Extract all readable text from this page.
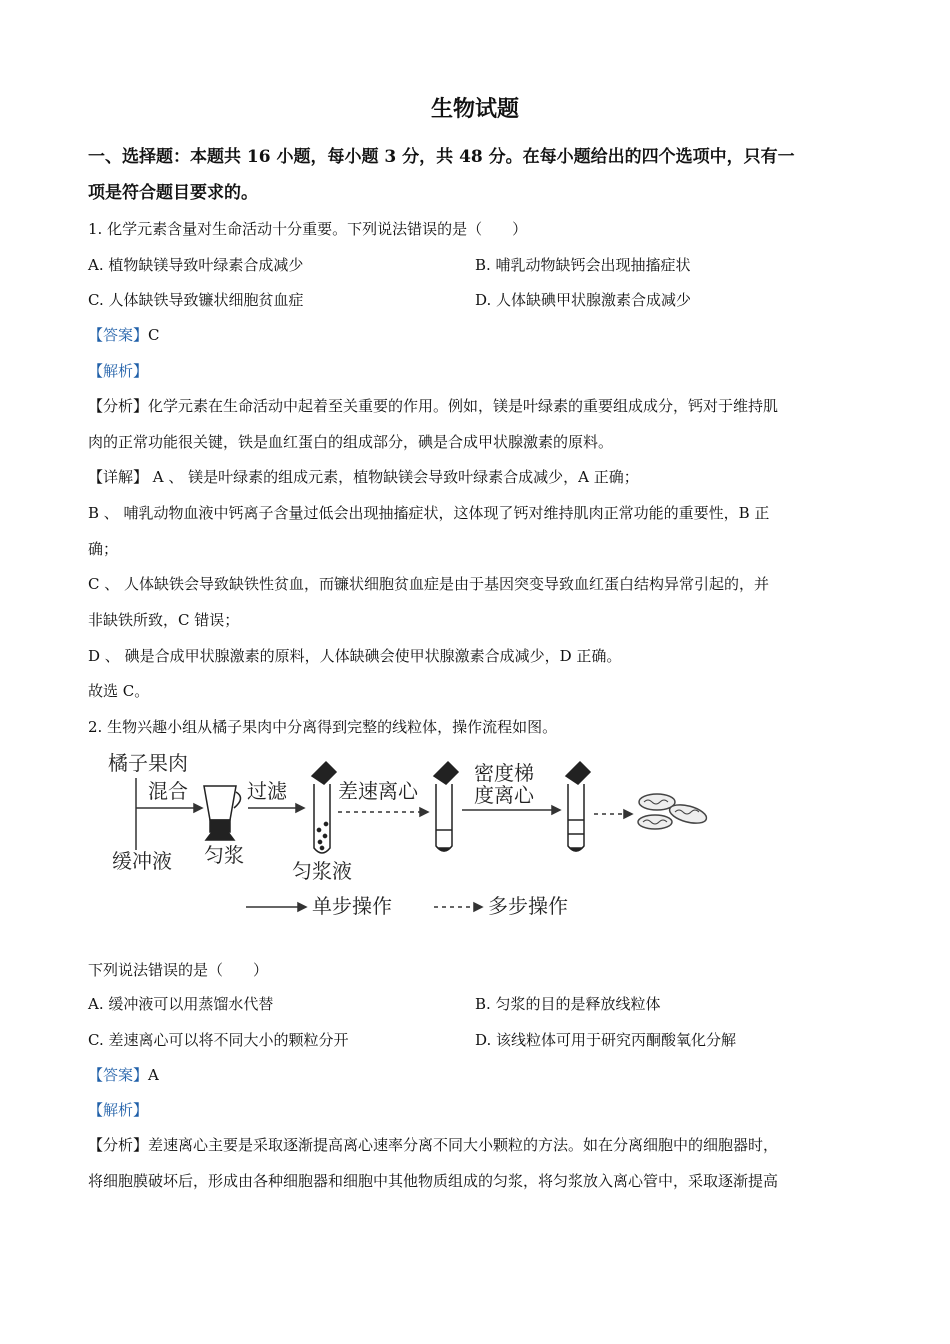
生物试题
一、选择题：本题共 16 小题，每小题 3 分，共 48 分。在每小题给出的四个选项中，只有一
项是符合题目要求的。
1. 化学元素含量对生命活动十分重要。下列说法错误的是（　　）
A. 植物缺镁导致叶绿素合成减少	B. 哺乳动物缺钙会出现抽搐症状
C. 人体缺铁导致镰状细胞贫血症	D. 人体缺碘甲状腺激素合成减少
【答案】C
【解析】
【分析】化学元素在生命活动中起着至关重要的作用。例如，镁是叶绿素的重要组成成分，钙对于维持肌
肉的正常功能很关键，铁是血红蛋白的组成部分，碘是合成甲状腺激素的原料。
【详解】 A 、 镁是叶绿素的组成元素，植物缺镁会导致叶绿素合成减少，A 正确；
B 、 哺乳动物血液中钙离子含量过低会出现抽搐症状，这体现了钙对维持肌肉正常功能的重要性，B 正
确；
C 、 人体缺铁会导致缺铁性贫血，而镰状细胞贫血症是由于基因突变导致血红蛋白结构异常引起的，并
非缺铁所致，C 错误；
D 、 碘是合成甲状腺激素的原料，人体缺碘会使甲状腺激素合成减少，D 正确。
故选 C。
2. 生物兴趣小组从橘子果肉中分离得到完整的线粒体，操作流程如图。
橘子果肉
混合
缓冲液 匀浆
过滤
匀浆液
差速离心
密度梯
度离心
单步操作	多步操作
下列说法错误的是（　　）
A. 缓冲液可以用蒸馏水代替	B. 匀浆的目的是释放线粒体
C. 差速离心可以将不同大小的颗粒分开	D. 该线粒体可用于研究丙酮酸氧化分解
【答案】A
【解析】
【分析】差速离心主要是采取逐渐提高离心速率分离不同大小颗粒的方法。如在分离细胞中的细胞器时，
将细胞膜破坏后，形成由各种细胞器和细胞中其他物质组成的匀浆，将匀浆放入离心管中，采取逐渐提高
